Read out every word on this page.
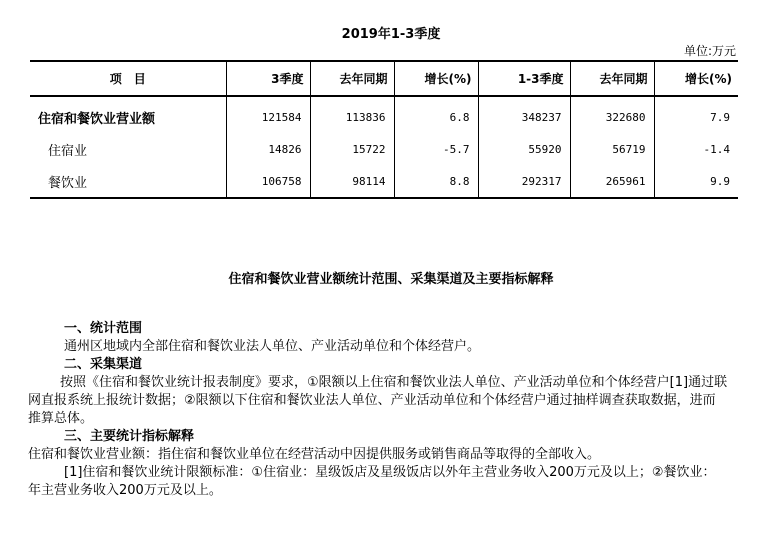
2019年1-3季度
单位:万元
项　目	3季度	去年同期	增长(%)	1-3季度	去年同期	增长(%)
住宿和餐饮业营业额	121584	113836	6.8	348237	322680	7.9
住宿业	14826	15722	-5.7	55920	56719	-1.4
餐饮业	106758	98114	8.8	292317	265961	9.9
住宿和餐饮业营业额统计范围、采集渠道及主要指标解释
一、统计范围
通州区地域内全部住宿和餐饮业法人单位、产业活动单位和个体经营户。
二、采集渠道
按照《住宿和餐饮业统计报表制度》要求，①限额以上住宿和餐饮业法人单位、产业活动单位和个体经营户[1]通过联网直报系统上报统计数据；②限额以下住宿和餐饮业法人单位、产业活动单位和个体经营户通过抽样调查获取数据，进而推算总体。
三、主要统计指标解释
住宿和餐饮业营业额：指住宿和餐饮业单位在经营活动中因提供服务或销售商品等取得的全部收入。
[1]住宿和餐饮业统计限额标准：①住宿业：星级饭店及星级饭店以外年主营业务收入200万元及以上；②餐饮业：年主营业务收入200万元及以上。
